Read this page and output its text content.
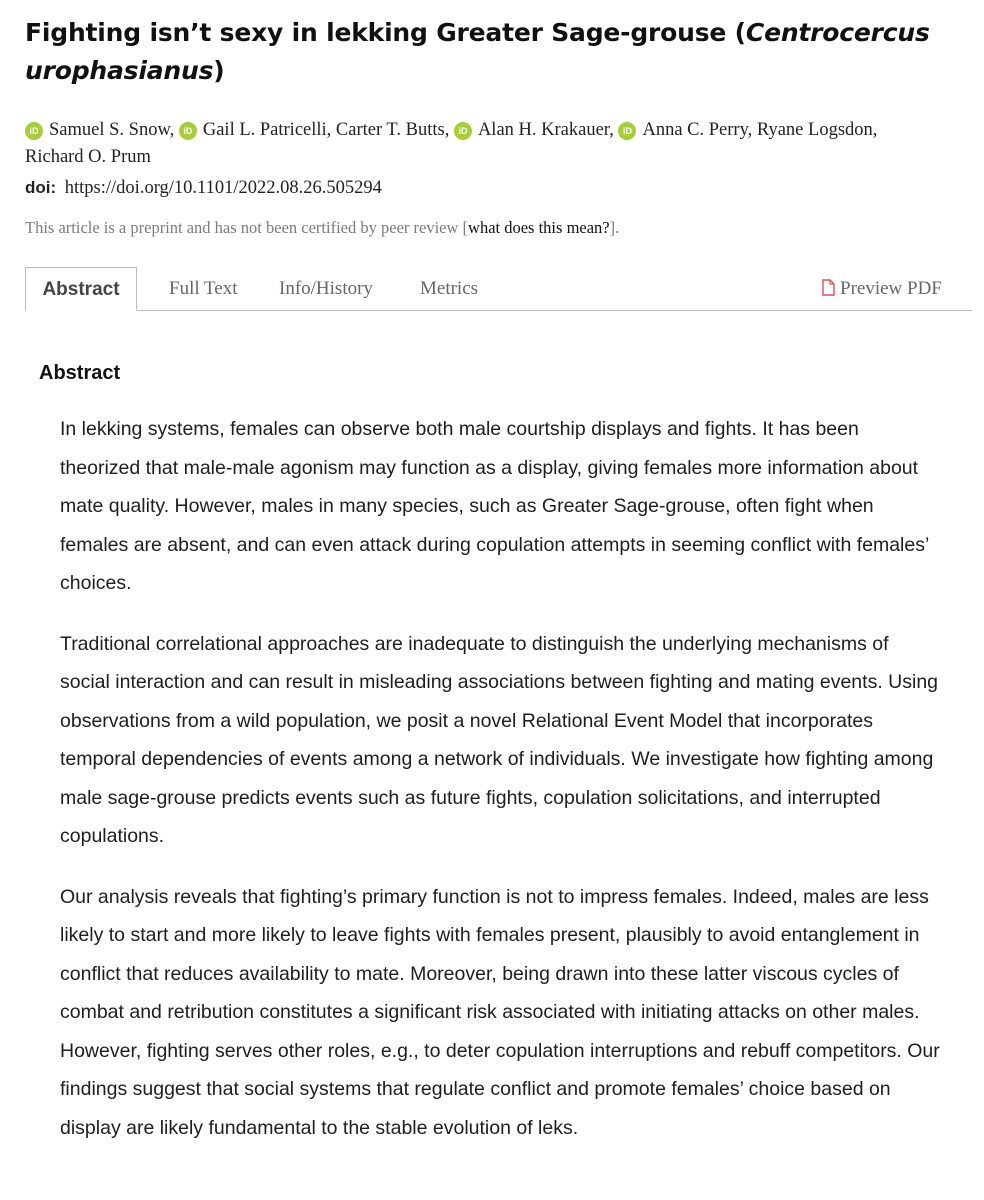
Fighting isn’t sexy in lekking Greater Sage-grouse (Centrocercus urophasianus)
iD Samuel S. Snow, iD Gail L. Patricelli, Carter T. Butts, iD Alan H. Krakauer, iD Anna C. Perry, Ryane Logsdon, Richard O. Prum
doi: https://doi.org/10.1101/2022.08.26.505294
This article is a preprint and has not been certified by peer review [what does this mean?].
Abstract	Full Text Info/History Metrics	Preview PDF
Abstract

In lekking systems, females can observe both male courtship displays and fights. It has been theorized that male-male agonism may function as a display, giving females more information about mate quality. However, males in many species, such as Greater Sage-grouse, often fight when females are absent, and can even attack during copulation attempts in seeming conflict with females’ choices.

Traditional correlational approaches are inadequate to distinguish the underlying mechanisms of social interaction and can result in misleading associations between fighting and mating events. Using observations from a wild population, we posit a novel Relational Event Model that incorporates temporal dependencies of events among a network of individuals. We investigate how fighting among male sage-grouse predicts events such as future fights, copulation solicitations, and interrupted copulations.

Our analysis reveals that fighting’s primary function is not to impress females. Indeed, males are less likely to start and more likely to leave fights with females present, plausibly to avoid entanglement in conflict that reduces availability to mate. Moreover, being drawn into these latter viscous cycles of combat and retribution constitutes a significant risk associated with initiating attacks on other males. However, fighting serves other roles, e.g., to deter copulation interruptions and rebuff competitors. Our findings suggest that social systems that regulate conflict and promote females’ choice based on display are likely fundamental to the stable evolution of leks.
